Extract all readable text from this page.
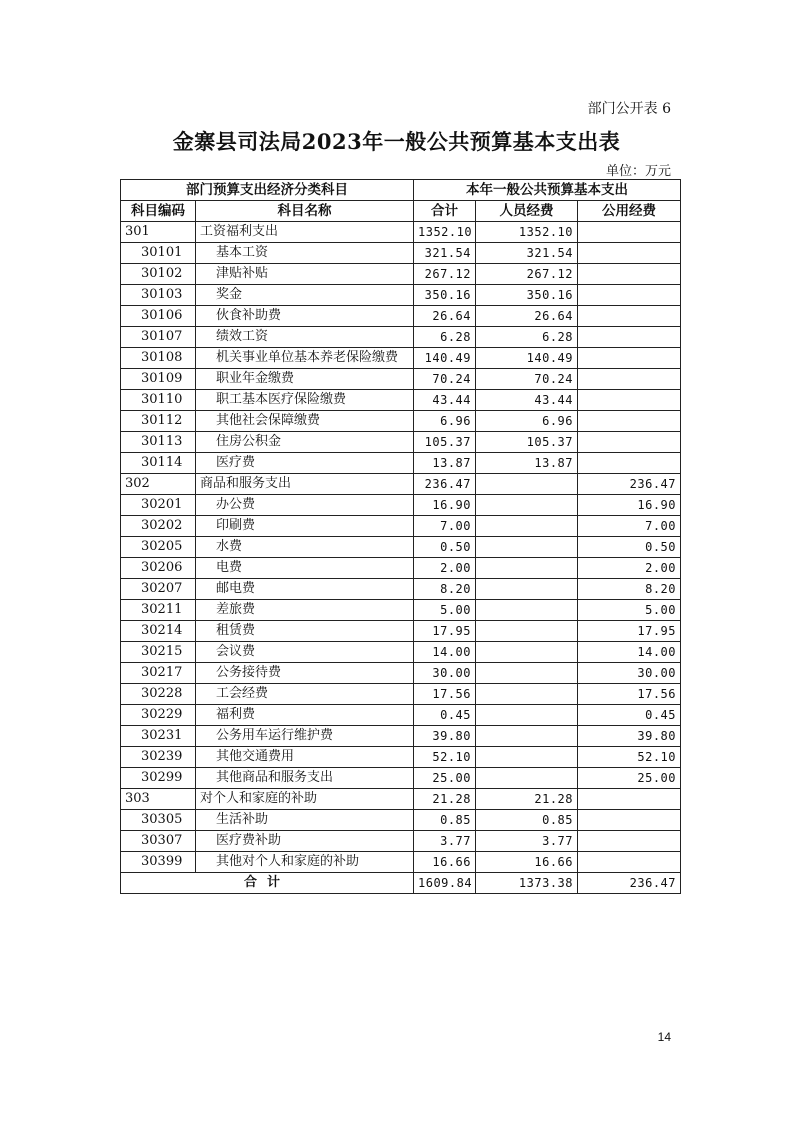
部门公开表 6
金寨县司法局2023年一般公共预算基本支出表
单位：万元
部门预算支出经济分类科目		本年一般公共预算基本支出		
科目编码	科目名称	合计	人员经费	公用经费
301	工资福利支出	1352.10	1352.10	
30101	基本工资	321.54	321.54	
30102	津贴补贴	267.12	267.12	
30103	奖金	350.16	350.16	
30106	伙食补助费	26.64	26.64	
30107	绩效工资	6.28	6.28	
30108	机关事业单位基本养老保险缴费	140.49	140.49	
30109	职业年金缴费	70.24	70.24	
30110	职工基本医疗保险缴费	43.44	43.44	
30112	其他社会保障缴费	6.96	6.96	
30113	住房公积金	105.37	105.37	
30114	医疗费	13.87	13.87	
302	商品和服务支出	236.47		236.47
30201	办公费	16.90		16.90
30202	印刷费	7.00		7.00
30205	水费	0.50		0.50
30206	电费	2.00		2.00
30207	邮电费	8.20		8.20
30211	差旅费	5.00		5.00
30214	租赁费	17.95		17.95
30215	会议费	14.00		14.00
30217	公务接待费	30.00		30.00
30228	工会经费	17.56		17.56
30229	福利费	0.45		0.45
30231	公务用车运行维护费	39.80		39.80
30239	其他交通费用	52.10		52.10
30299	其他商品和服务支出	25.00		25.00
303	对个人和家庭的补助	21.28	21.28	
30305	生活补助	0.85	0.85	
30307	医疗费补助	3.77	3.77	
30399	其他对个人和家庭的补助	16.66	16.66	
合计		1609.84	1373.38	236.47
14
